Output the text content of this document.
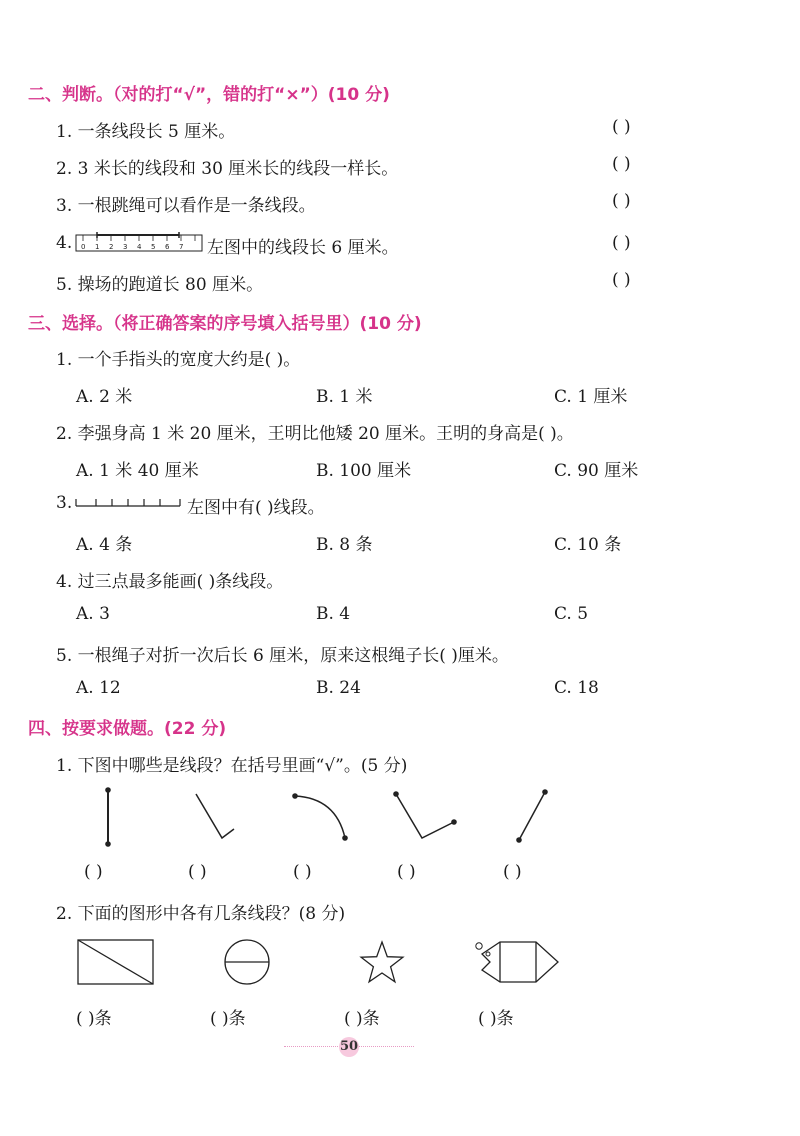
二、判断。（对的打“√”，错的打“×”）(10 分)
1. 一条线段长 5 厘米。	( )
2. 3 米长的线段和 30 厘米长的线段一样长。	( )
3. 一根跳绳可以看作是一条线段。	( )
4. 0 1 2 3 4 5 6 7 左图中的线段长 6 厘米。	( )
5. 操场的跑道长 80 厘米。	( )
三、选择。（将正确答案的序号填入括号里）(10 分)
1. 一个手指头的宽度大约是( )。
A. 2 米	B. 1 米	C. 1 厘米
2. 李强身高 1 米 20 厘米，王明比他矮 20 厘米。王明的身高是( )。
A. 1 米 40 厘米	B. 100 厘米	C. 90 厘米
3.	左图中有( )线段。
A. 4 条	B. 8 条	C. 10 条
4. 过三点最多能画( )条线段。
A. 3	B. 4	C. 5
5. 一根绳子对折一次后长 6 厘米，原来这根绳子长( )厘米。
A. 12	B. 24	C. 18
四、按要求做题。(22 分)
1. 下图中哪些是线段？在括号里画“√”。(5 分)
( )	( )	( )	( )	( )
2. 下面的图形中各有几条线段？(8 分)
( )条	( )条	( )条	( )条
50
